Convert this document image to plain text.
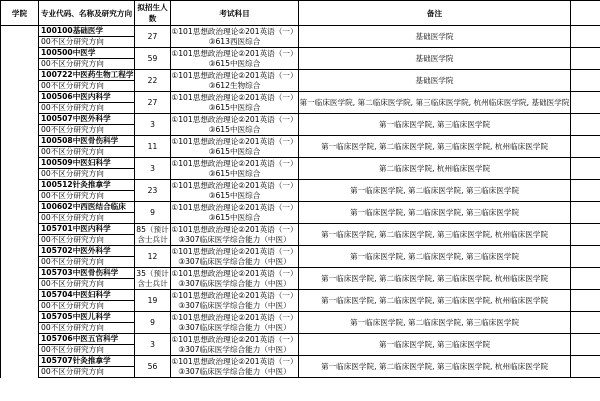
学院	专业代码、名称及研究方向	拟招生人数	考试科目	备注	
	100100基础医学	27	①101思想政治理论②201英语（一）③613西医综合	基础医学院	
	00不区分研究方向				
	100500中医学	59	①101思想政治理论②201英语（一）③615中医综合	基础医学院	
	00不区分研究方向				
	100722中医药生物工程学	22	①101思想政治理论②201英语（一）③612生物综合	基础医学院	
	00不区分研究方向				
	100506中医内科学	27	①101思想政治理论②201英语（一）③615中医综合	第一临床医学院, 第二临床医学院, 第三临床医学院, 杭州临床医学院, 基础医学院	
	00不区分研究方向				
	100507中医外科学	3	①101思想政治理论②201英语（一）③615中医综合	第一临床医学院, 第三临床医学院	
	00不区分研究方向				
	100508中医骨伤科学	11	①101思想政治理论②201英语（一）③615中医综合	第一临床医学院, 第二临床医学院, 第三临床医学院, 杭州临床医学院	
	00不区分研究方向				
	100509中医妇科学	3	①101思想政治理论②201英语（一）③615中医综合	第二临床医学院, 杭州临床医学院	
	00不区分研究方向				
	100512针灸推拿学	23	①101思想政治理论②201英语（一）③615中医综合	第一临床医学院, 第二临床医学院, 第三临床医学院	
	00不区分研究方向				
	100602中西医结合临床	9	①101思想政治理论②201英语（一）③615中医综合	第一临床医学院, 第二临床医学院, 第三临床医学院	
	00不区分研究方向				
	105701中医内科学	85（预计含士兵计	①101思想政治理论②201英语（一）③307临床医学综合能力（中医）	第一临床医学院, 第二临床医学院, 第三临床医学院, 杭州临床医学院	
	00不区分研究方向				
	105702中医外科学	12	①101思想政治理论②201英语（一）③307临床医学综合能力（中医）	第一临床医学院, 第二临床医学院, 第三临床医学院	
	00不区分研究方向				
	105703中医骨伤科学	35（预计含士兵计	①101思想政治理论②201英语（一）③307临床医学综合能力（中医）	第一临床医学院, 第二临床医学院, 第三临床医学院, 杭州临床医学院	
	00不区分研究方向				
	105704中医妇科学	19	①101思想政治理论②201英语（一）③307临床医学综合能力（中医）	第一临床医学院, 第二临床医学院, 第三临床医学院, 杭州临床医学院	
	00不区分研究方向				
	105705中医儿科学	9	①101思想政治理论②201英语（一）③307临床医学综合能力（中医）	第一临床医学院, 第二临床医学院, 第三临床医学院	
	00不区分研究方向				
	105706中医五官科学	3	①101思想政治理论②201英语（一）③307临床医学综合能力（中医）	第一临床医学院, 第三临床医学院	
	00不区分研究方向				
	105707针灸推拿学	56	①101思想政治理论②201英语（一）③307临床医学综合能力（中医）	第一临床医学院, 第二临床医学院, 第三临床医学院, 杭州临床医学院	
	00不区分研究方向				
